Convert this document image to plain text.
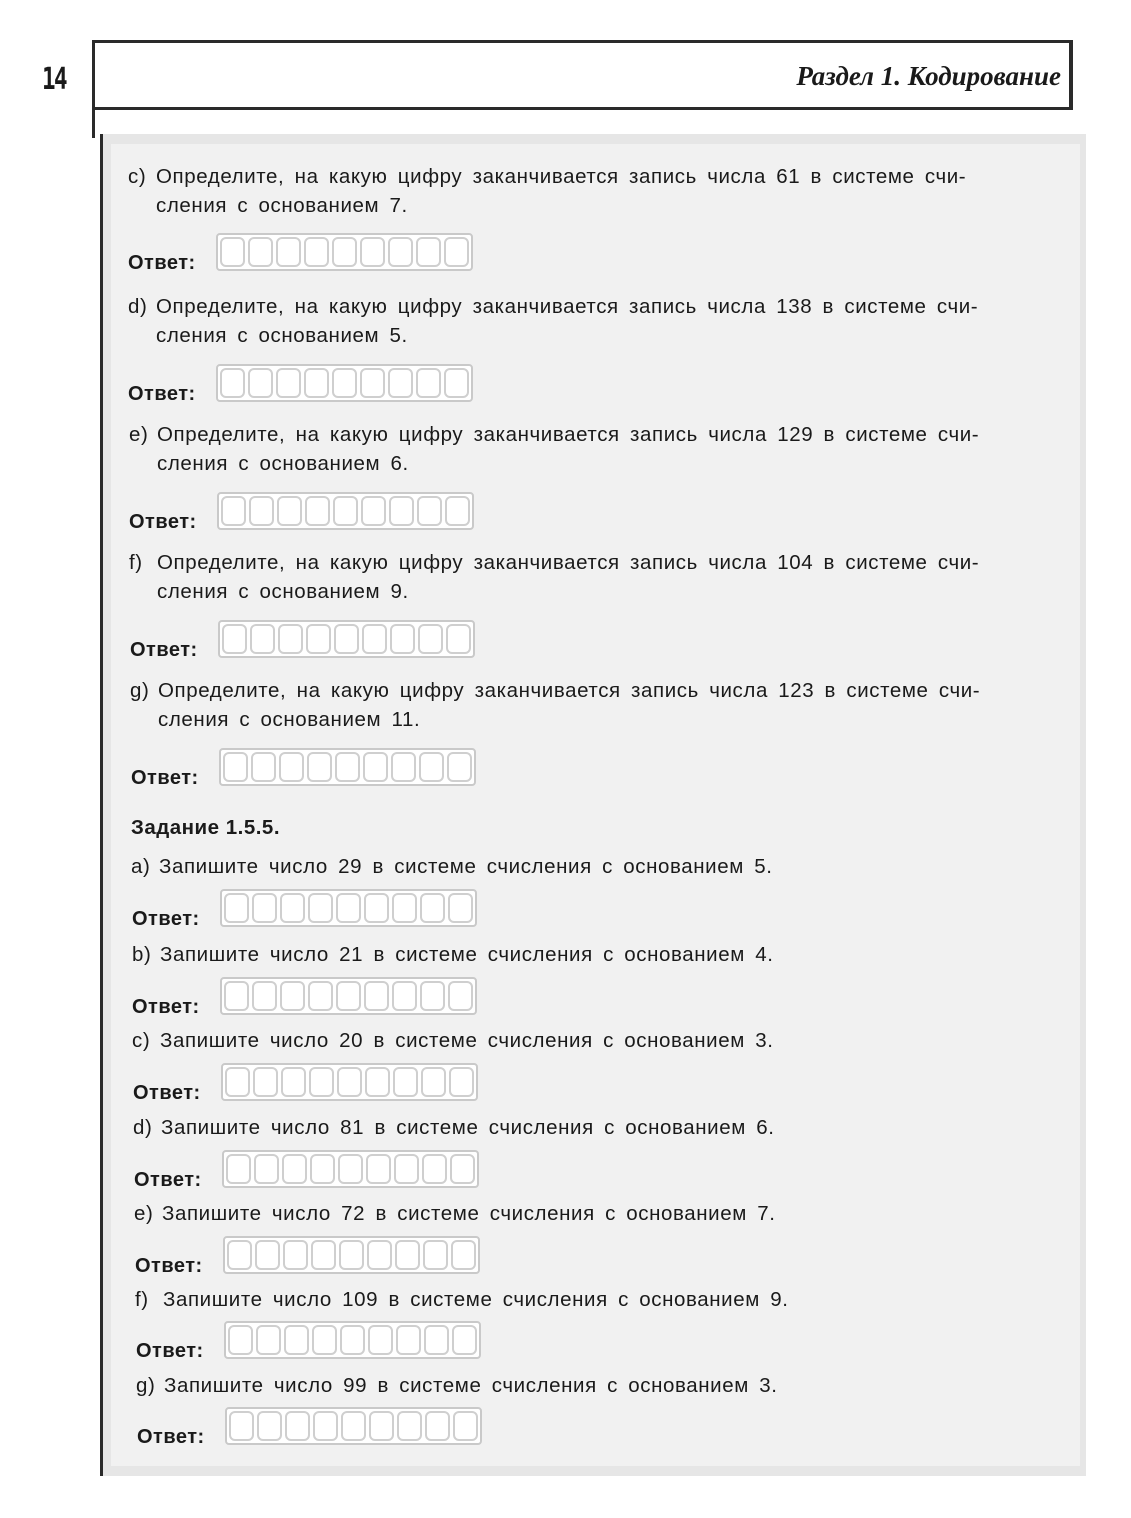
14	Раздел 1. Кодирование
c) Определите, на какую цифру заканчивается запись числа 61 в системе счи-
сления с основанием 7.
Ответ:
d) Определите, на какую цифру заканчивается запись числа 138 в системе счи-
сления с основанием 5.
Ответ:
e) Определите, на какую цифру заканчивается запись числа 129 в системе счи-
сления с основанием 6.
Ответ:
f) Определите, на какую цифру заканчивается запись числа 104 в системе счи-
сления с основанием 9.
Ответ:
g) Определите, на какую цифру заканчивается запись числа 123 в системе счи-
сления с основанием 11.
Ответ:
Задание 1.5.5.
a) Запишите число 29 в системе счисления с основанием 5.
Ответ:
b) Запишите число 21 в системе счисления с основанием 4.
Ответ:
c) Запишите число 20 в системе счисления с основанием 3.
Ответ:
d) Запишите число 81 в системе счисления с основанием 6.
Ответ:
e) Запишите число 72 в системе счисления с основанием 7.
Ответ:
f) Запишите число 109 в системе счисления с основанием 9.
Ответ:
g) Запишите число 99 в системе счисления с основанием 3.
Ответ:
